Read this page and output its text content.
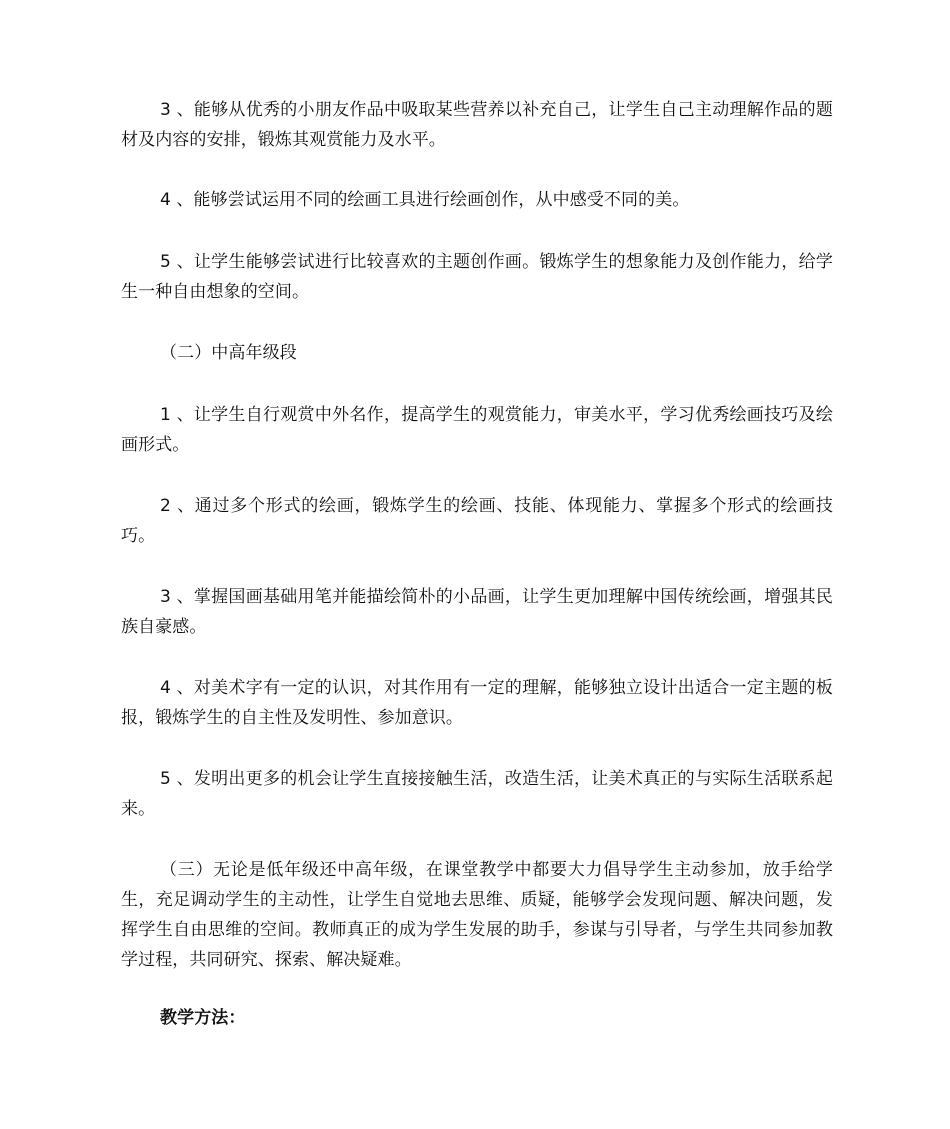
3 、能够从优秀的小朋友作品中吸取某些营养以补充自己，让学生自己主动理解作品的题材及内容的安排，锻炼其观赏能力及水平。

4 、能够尝试运用不同的绘画工具进行绘画创作，从中感受不同的美。

5 、让学生能够尝试进行比较喜欢的主题创作画。锻炼学生的想象能力及创作能力，给学生一种自由想象的空间。

（二）中高年级段

1 、让学生自行观赏中外名作，提高学生的观赏能力，审美水平，学习优秀绘画技巧及绘画形式。

2 、通过多个形式的绘画，锻炼学生的绘画、技能、体现能力、掌握多个形式的绘画技巧。

3 、掌握国画基础用笔并能描绘简朴的小品画，让学生更加理解中国传统绘画，增强其民族自豪感。

4 、对美术字有一定的认识，对其作用有一定的理解，能够独立设计出适合一定主题的板报，锻炼学生的自主性及发明性、参加意识。

5 、发明出更多的机会让学生直接接触生活，改造生活，让美术真正的与实际生活联系起来。

（三）无论是低年级还中高年级，在课堂教学中都要大力倡导学生主动参加，放手给学生，充足调动学生的主动性，让学生自觉地去思维、质疑，能够学会发现问题、解决问题，发挥学生自由思维的空间。教师真正的成为学生发展的助手，参谋与引导者，与学生共同参加教学过程，共同研究、探索、解决疑难。

教学方法：
